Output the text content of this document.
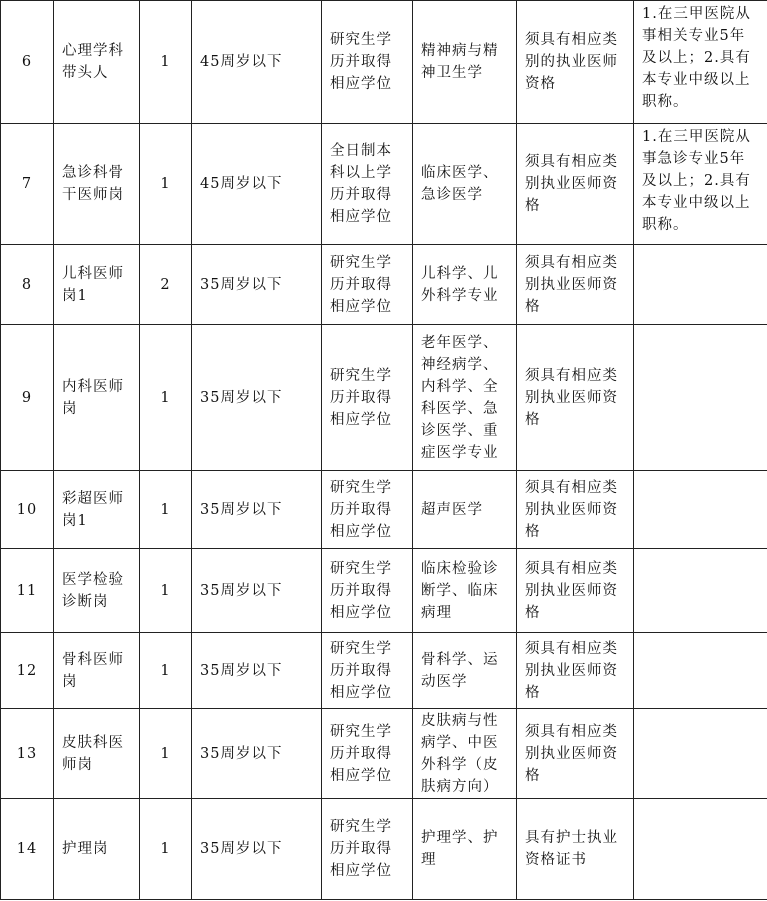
6	心理学科带头人	1	45周岁以下	研究生学历并取得相应学位	精神病与精神卫生学	须具有相应类别的执业医师资格	1.在三甲医院从事相关专业5年及以上；2.具有本专业中级以上职称。
7	急诊科骨干医师岗	1	45周岁以下	全日制本科以上学历并取得相应学位	临床医学、急诊医学	须具有相应类别执业医师资格	1.在三甲医院从事急诊专业5年及以上；2.具有本专业中级以上职称。
8	儿科医师岗1	2	35周岁以下	研究生学历并取得相应学位	儿科学、儿外科学专业	须具有相应类别执业医师资格	
9	内科医师岗	1	35周岁以下	研究生学历并取得相应学位	老年医学、神经病学、内科学、全科医学、急诊医学、重症医学专业	须具有相应类别执业医师资格	
10	彩超医师岗1	1	35周岁以下	研究生学历并取得相应学位	超声医学	须具有相应类别执业医师资格	
11	医学检验诊断岗	1	35周岁以下	研究生学历并取得相应学位	临床检验诊断学、临床病理	须具有相应类别执业医师资格	
12	骨科医师岗	1	35周岁以下	研究生学历并取得相应学位	骨科学、运动医学	须具有相应类别执业医师资格	
13	皮肤科医师岗	1	35周岁以下	研究生学历并取得相应学位	皮肤病与性病学、中医外科学（皮肤病方向）	须具有相应类别执业医师资格	
14	护理岗	1	35周岁以下	研究生学历并取得相应学位	护理学、护理	具有护士执业资格证书	
